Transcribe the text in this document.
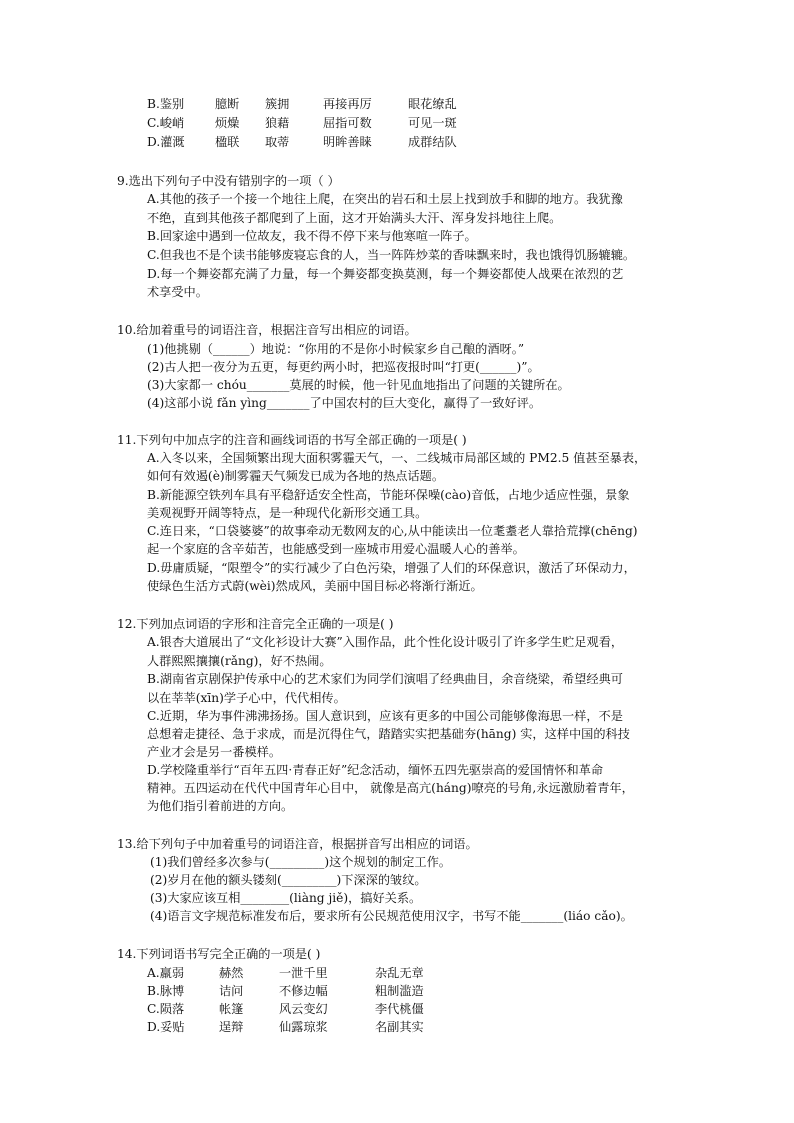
B.鉴别	臆断 簇拥	再接再厉	眼花缭乱
C.峻峭	烦燥 狼藉	屈指可数	可见一斑
D.灌溉 楹联 取蒂	明眸善睐	成群结队
9.选出下列句子中没有错别字的一项（ ）
A.其他的孩子一个接一个地往上爬，在突出的岩石和土层上找到放手和脚的地方。我犹豫
不绝，直到其他孩子都爬到了上面，这才开始满头大汗、浑身发抖地往上爬。
B.回家途中遇到一位故友，我不得不停下来与他寒喧一阵子。
C.但我也不是个读书能够废寝忘食的人，当一阵阵炒菜的香味飘来时，我也饿得饥肠辘辘。
D.每一个舞姿都充满了力量，每一个舞姿都变换莫测，每一个舞姿都使人战栗在浓烈的艺
术享受中。
10.给加着重号的词语注音，根据注音写出相应的词语。
(1)他挑剔（______）地说：“你用的不是你小时候家乡自己酿的酒呀。”
(2)古人把一夜分为五更，每更约两小时，把巡夜报时叫“打更(______)”。
(3)大家都一 chóu_______莫展的时候，他一针见血地指出了问题的关键所在。
(4)这部小说 fǎn yìng_______了中国农村的巨大变化，赢得了一致好评。
11.下列句中加点字的注音和画线词语的书写全部正确的一项是( )
A.入冬以来，全国频繁出现大面积雾霾天气，一、二线城市局部区域的 PM2.5 值甚至暴表，
如何有效遏(è)制雾霾天气频发已成为各地的热点话题。
B.新能源空铁列车具有平稳舒适安全性高，节能环保噪(cào)音低，占地少适应性强，景象
美观视野开阔等特点，是一种现代化新形交通工具。
C.连日来，“口袋婆婆”的故事牵动无数网友的心,从中能读出一位耄耋老人靠拾荒撑(chēng)
起一个家庭的含辛茹苦，也能感受到一座城市用爱心温暖人心的善举。
D.毋庸质疑，“限塑令”的实行减少了白色污染，增强了人们的环保意识，激活了环保动力，
使绿色生活方式蔚(wèi)然成风，美丽中国目标必将渐行渐近。
12.下列加点词语的字形和注音完全正确的一项是( )
A.银杏大道展出了“文化衫设计大赛”入围作品，此个性化设计吸引了许多学生贮足观看，
人群熙熙攘攘(rǎng)，好不热闹。
B.湖南省京剧保护传承中心的艺术家们为同学们演唱了经典曲目，余音绕梁，希望经典可
以在莘莘(xīn)学子心中，代代相传。
C.近期，华为事件沸沸扬扬。国人意识到，应该有更多的中国公司能够像海思一样，不是
总想着走捷径、急于求成，而是沉得住气，踏踏实实把基础夯(hāng) 实，这样中国的科技
产业才会是另一番模样。
D.学校隆重举行“百年五四·青春正好”纪念活动，缅怀五四先驱崇高的爱国情怀和革命
精神。五四运动在代代中国青年心目中， 就像是高亢(háng)嘹亮的号角,永远激励着青年，
为他们指引着前进的方向。
13.给下列句子中加着重号的词语注音，根据拼音写出相应的词语。
(1)我们曾经多次参与(_________)这个规划的制定工作。
(2)岁月在他的额头镂刻(_________)下深深的皱纹。
(3)大家应该互相________(liàng jiě)，搞好关系。
(4)语言文字规范标准发布后，要求所有公民规范使用汉字，书写不能_______(liáo cǎo)。
14.下列词语书写完全正确的一项是( )
A.羸弱	赫然	一泄千里	杂乱无章
B.脉博	诘问	不修边幅	粗制滥造
C.陨落	帐篷	风云变幻	李代桃僵
D.妥贴	逞辩	仙露琼浆	名副其实
